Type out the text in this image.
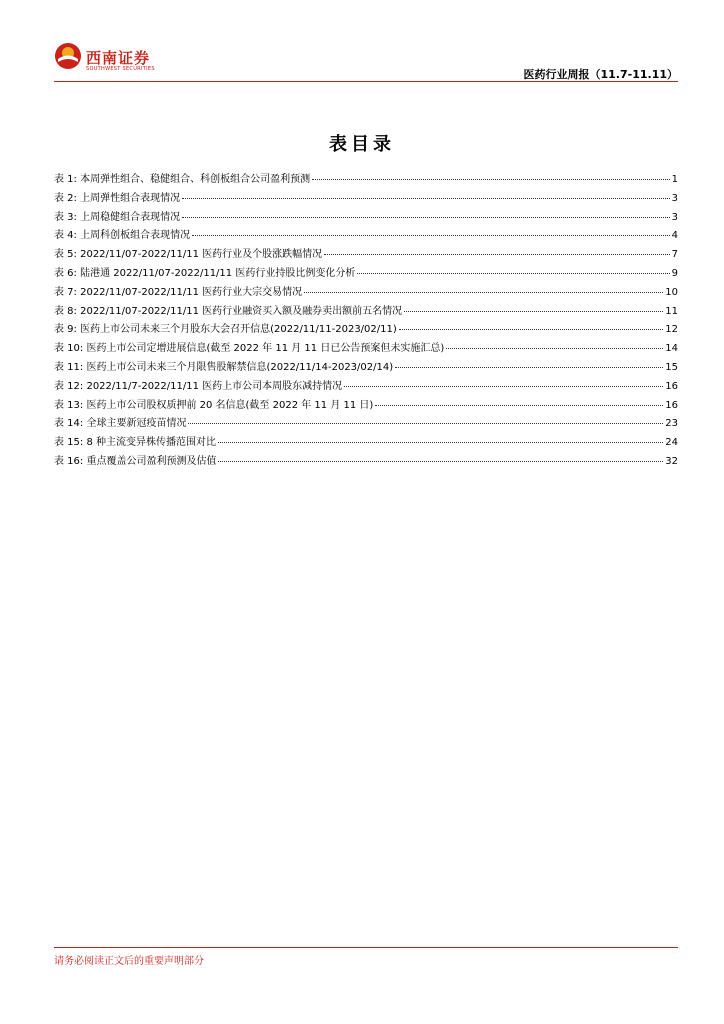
西南证券
SOUTHWEST SECURITIES	医药行业周报（11.7-11.11）
表目录
表 1: 本周弹性组合、稳健组合、科创板组合公司盈利预测	1
表 2: 上周弹性组合表现情况	3
表 3: 上周稳健组合表现情况	3
表 4: 上周科创板组合表现情况	4
表 5: 2022/11/07-2022/11/11 医药行业及个股涨跌幅情况	7
表 6: 陆港通 2022/11/07-2022/11/11 医药行业持股比例变化分析	9
表 7: 2022/11/07-2022/11/11 医药行业大宗交易情况	10
表 8: 2022/11/07-2022/11/11 医药行业融资买入额及融券卖出额前五名情况	11
表 9: 医药上市公司未来三个月股东大会召开信息(2022/11/11-2023/02/11)	12
表 10: 医药上市公司定增进展信息(截至 2022 年 11 月 11 日已公告预案但未实施汇总)	14
表 11: 医药上市公司未来三个月限售股解禁信息(2022/11/14-2023/02/14)	15
表 12: 2022/11/7-2022/11/11 医药上市公司本周股东减持情况	16
表 13: 医药上市公司股权质押前 20 名信息(截至 2022 年 11 月 11 日)	16
表 14: 全球主要新冠疫苗情况	23
表 15: 8 种主流变异株传播范围对比	24
表 16: 重点覆盖公司盈利预测及估值	32
请务必阅读正文后的重要声明部分
